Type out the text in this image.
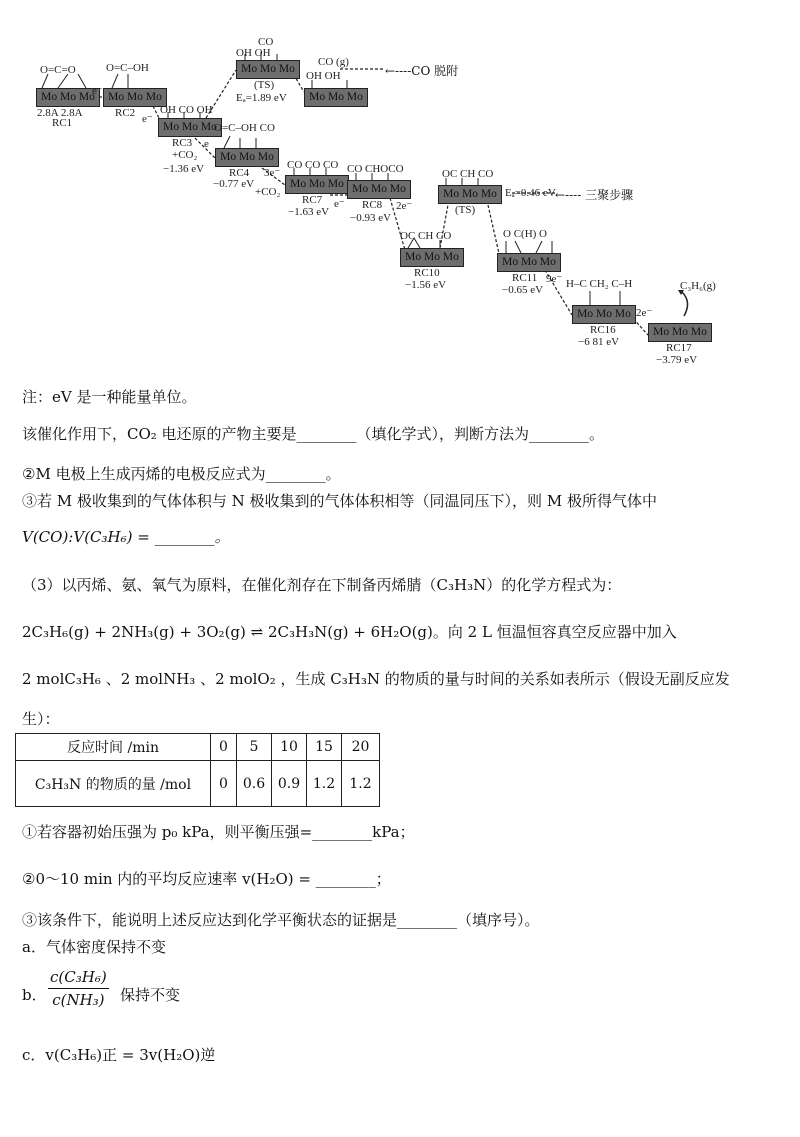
Mo Mo Mo	Mo Mo Mo
Mo Mo Mo
Mo Mo Mo
Mo Mo Mo
Mo Mo Mo
Mo Mo Mo Mo Mo Mo
Mo Mo Mo
Mo Mo Mo
Mo Mo Mo
Mo Mo Mo
Mo Mo Mo
O=C=O
2.8A 2.8A
RC1
O=C–OH
RC2 OH CO OH
RC3
+CO₂
−1.36 eV
CO
OH OH
(TS)
Eₐ=1.89 eV
CO (g)
OH OH	←----CO 脱附
O=C–OH CO
RC4
−0.77 eV
+CO₂
CO CO CO
RC7
−1.63 eV
CO CHOCO
RC8
−0.93 eV
OC CH CO
RC10
−1.56 eV
OC CH CO
(TS)
Eₐ=0.46 eV ←---- 三聚步骤
O C(H) O
RC11
−0.65 eV H–C CH₂ C–H
RC16
−6 81 eV	RC17
−3.79 eV
C₃H₆(g)
e⁻
e⁻
e
3e⁻
e⁻	2e⁻
9e⁻
2e⁻
注：eV 是一种能量单位。
该催化作用下，CO₂ 电还原的产物主要是________（填化学式），判断方法为________。
②M 电极上生成丙烯的电极反应式为________。
③若 M 极收集到的气体体积与 N 极收集到的气体体积相等（同温同压下），则 M 极所得气体中
V(CO):V(C₃H₆) = ________。
（3）以丙烯、氨、氧气为原料，在催化剂存在下制备丙烯腈（C₃H₃N）的化学方程式为：
2C₃H₆(g) + 2NH₃(g) + 3O₂(g) ⇌ 2C₃H₃N(g) + 6H₂O(g)。向 2 L 恒温恒容真空反应器中加入
2 molC₃H₆ 、2 molNH₃ 、2 molO₂ ，生成 C₃H₃N 的物质的量与时间的关系如表所示（假设无副反应发
生）：
反应时间 /min	0	5	10	15	20
C₃H₃N 的物质的量 /mol	0	0.6	0.9	1.2	1.2
①若容器初始压强为 p₀ kPa，则平衡压强=________kPa；
②0～10 min 内的平均反应速率 v(H₂O) = ________；
③该条件下，能说明上述反应达到化学平衡状态的证据是________（填序号）。
a．气体密度保持不变
b． $\frac{\text{c(C₃H₆)}}{\text{c(NH₃)}}$ 保持不变
c．v(C₃H₆)正 = 3v(H₂O)逆
